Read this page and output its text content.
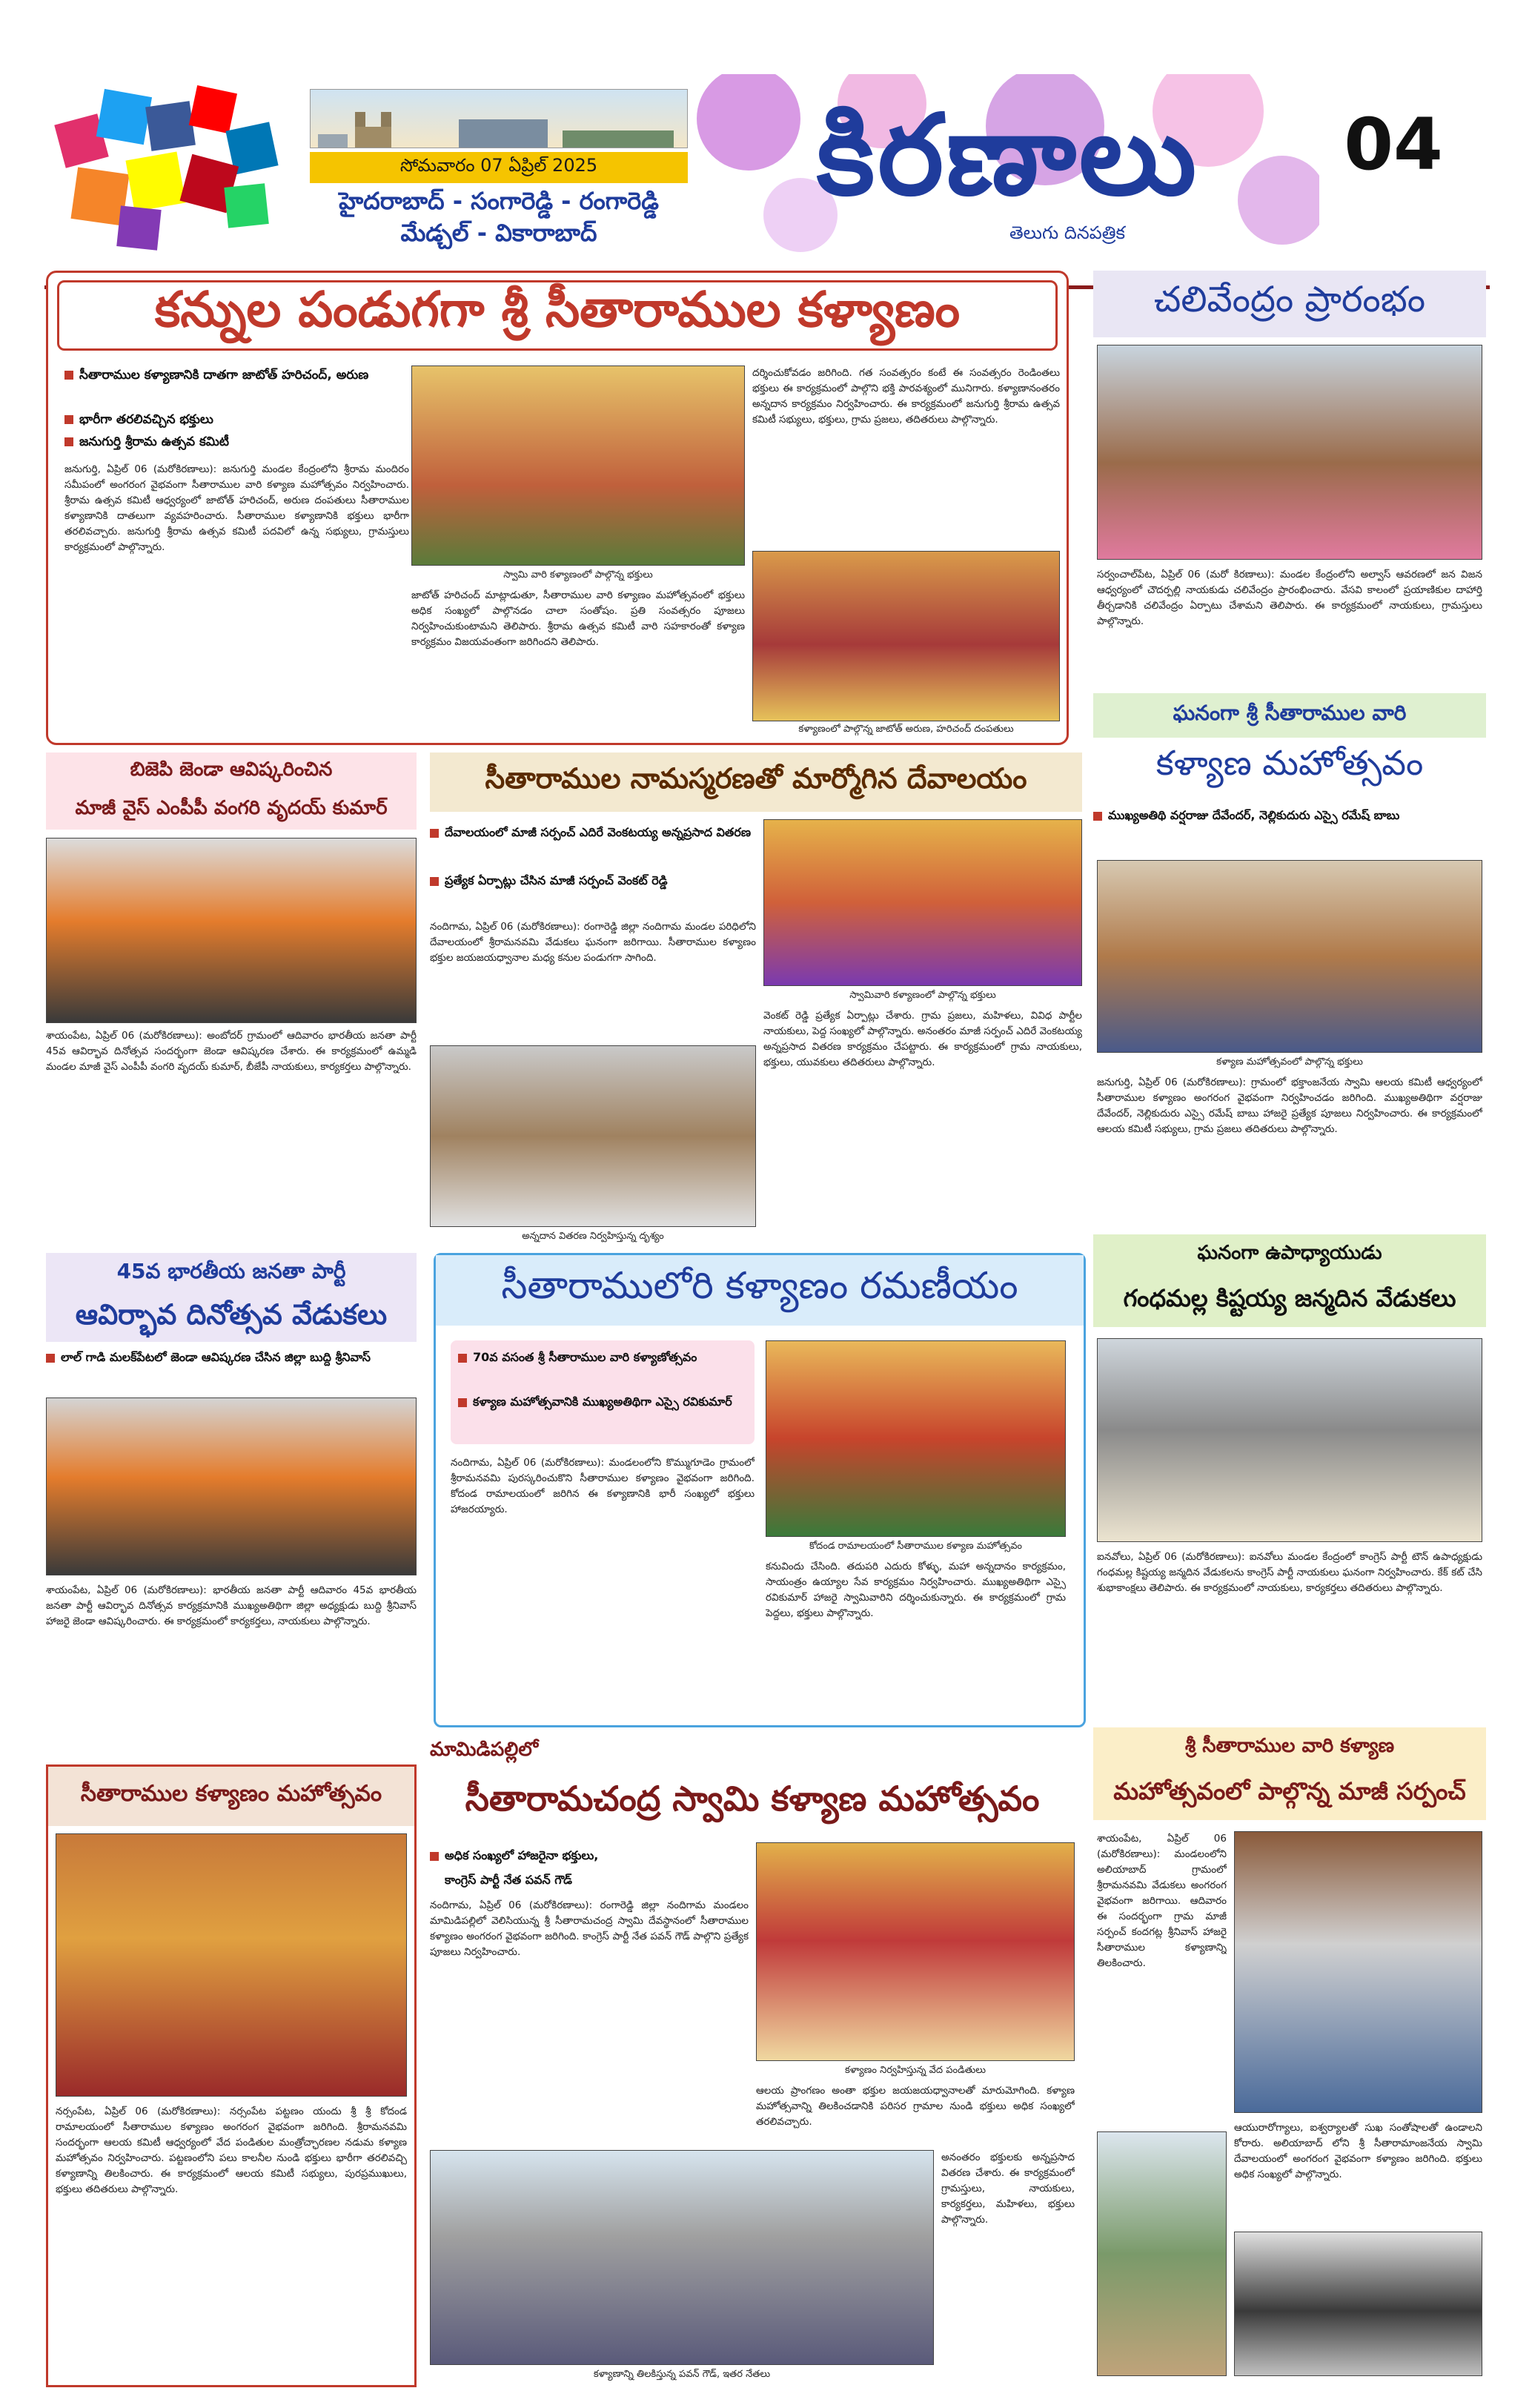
సోమవారం 07 ఏప్రిల్ 2025
హైదరాబాద్ - సంగారెడ్డి - రంగారెడ్డి
మేడ్చల్ - వికారాబాద్
కిరణాలు
తెలుగు దినపత్రిక
04
కన్నుల పండుగగా శ్రీ సీతారాముల కళ్యాణం
సీతారాముల కళ్యాణానికి దాతగా జాటోత్ హరిచంద్, అరుణ
భారీగా తరలివచ్చిన భక్తులు
జనుగుర్తి శ్రీరామ ఉత్సవ కమిటీ
జనుగుర్తి, ఏప్రిల్ 06 (మరోకిరణాలు): జనుగుర్తి మండల కేంద్రంలోని శ్రీరామ మందిరం సమీపంలో అంగరంగ వైభవంగా సీతారాముల వారి కళ్యాణ మహోత్సవం నిర్వహించారు. శ్రీరామ ఉత్సవ కమిటీ ఆధ్వర్యంలో జాటోత్ హరిచంద్, అరుణ దంపతులు సీతారాముల కళ్యాణానికి దాతలుగా వ్యవహరించారు. సీతారాముల కళ్యాణానికి భక్తులు భారీగా తరలివచ్చారు. జనుగుర్తి శ్రీరామ ఉత్సవ కమిటీ పదవిలో ఉన్న సభ్యులు, గ్రామస్తులు కార్యక్రమంలో పాల్గొన్నారు.
స్వామి వారి కళ్యాణంలో పాల్గొన్న భక్తులు
జాటోత్ హరిచంద్ మాట్లాడుతూ, సీతారాముల వారి కళ్యాణం మహోత్సవంలో భక్తులు అధిక సంఖ్యలో పాల్గొనడం చాలా సంతోషం. ప్రతి సంవత్సరం పూజలు నిర్వహించుకుంటామని తెలిపారు. శ్రీరామ ఉత్సవ కమిటీ వారి సహకారంతో కళ్యాణ కార్యక్రమం విజయవంతంగా జరిగిందని తెలిపారు.
దర్శించుకోవడం జరిగింది. గత సంవత్సరం కంటే ఈ సంవత్సరం రెండింతలు భక్తులు ఈ కార్యక్రమంలో పాల్గొని భక్తి పారవశ్యంలో మునిగారు. కళ్యాణానంతరం అన్నదాన కార్యక్రమం నిర్వహించారు. ఈ కార్యక్రమంలో జనుగుర్తి శ్రీరామ ఉత్సవ కమిటీ సభ్యులు, భక్తులు, గ్రామ ప్రజలు, తదితరులు పాల్గొన్నారు.
కళ్యాణంలో పాల్గొన్న జాటోత్ అరుణ, హరిచంద్ దంపతులు
చలివేంద్రం ప్రారంభం
సర్వంచాల్‌పేట, ఏప్రిల్ 06 (మరో కిరణాలు): మండల కేంద్రంలోని అల్వాస్ ఆవరణలో జన విజన ఆధ్వర్యంలో చౌదర్పల్లి నాయకుడు చలివేంద్రం ప్రారంభించారు. వేసవి కాలంలో ప్రయాణికుల దాహార్తి తీర్చడానికి చలివేంద్రం ఏర్పాటు చేశామని తెలిపారు. ఈ కార్యక్రమంలో నాయకులు, గ్రామస్తులు పాల్గొన్నారు.
ఘనంగా శ్రీ సీతారాముల వారి
కళ్యాణ మహోత్సవం
ముఖ్యఅతిథి వర్షరాజు దేవేందర్, నెల్లికుదురు ఎస్సై రమేష్ బాబు
కళ్యాణ మహోత్సవంలో పాల్గొన్న భక్తులు
జనుగుర్తి, ఏప్రిల్ 06 (మరోకిరణాలు): గ్రామంలో భక్తాంజనేయ స్వామి ఆలయ కమిటీ ఆధ్వర్యంలో సీతారాముల కళ్యాణం అంగరంగ వైభవంగా నిర్వహించడం జరిగింది. ముఖ్యఅతిథిగా వర్షరాజు దేవేందర్, నెల్లికుదురు ఎస్సై రమేష్ బాబు హాజరై ప్రత్యేక పూజలు నిర్వహించారు. ఈ కార్యక్రమంలో ఆలయ కమిటీ సభ్యులు, గ్రామ ప్రజలు తదితరులు పాల్గొన్నారు.
బిజెపి జెండా ఆవిష్కరించిన
మాజీ వైస్ ఎంపీపీ వంగరి వృదయ్ కుమార్
శాయంపేట, ఏప్రిల్ 06 (మరోకిరణాలు): అంబోదర్ గ్రామంలో ఆదివారం భారతీయ జనతా పార్టీ 45వ ఆవిర్భావ దినోత్సవ సందర్భంగా జెండా ఆవిష్కరణ చేశారు. ఈ కార్యక్రమంలో ఉమ్మడి మండల మాజీ వైస్ ఎంపీపీ వంగరి వృదయ్ కుమార్, బీజేపీ నాయకులు, కార్యకర్తలు పాల్గొన్నారు.
సీతారాముల నామస్మరణతో మార్మోగిన దేవాలయం
దేవాలయంలో మాజీ సర్పంచ్ ఎదిరే వెంకటయ్య అన్నప్రసాద వితరణ
ప్రత్యేక ఏర్పాట్లు చేసిన మాజీ సర్పంచ్ వెంకట్ రెడ్డి
నందిగామ, ఏప్రిల్ 06 (మరోకిరణాలు): రంగారెడ్డి జిల్లా నందిగామ మండల పరిధిలోని దేవాలయంలో శ్రీరామనవమి వేడుకలు ఘనంగా జరిగాయి. సీతారాముల కళ్యాణం భక్తుల జయజయధ్వానాల మధ్య కనుల పండుగగా సాగింది.
స్వామివారి కళ్యాణంలో పాల్గొన్న భక్తులు
అన్నదాన వితరణ నిర్వహిస్తున్న దృశ్యం
వెంకట్ రెడ్డి ప్రత్యేక ఏర్పాట్లు చేశారు. గ్రామ ప్రజలు, మహిళలు, వివిధ పార్టీల నాయకులు, పెద్ద సంఖ్యలో పాల్గొన్నారు. అనంతరం మాజీ సర్పంచ్ ఎదిరే వెంకటయ్య అన్నప్రసాద వితరణ కార్యక్రమం చేపట్టారు. ఈ కార్యక్రమంలో గ్రామ నాయకులు, భక్తులు, యువకులు తదితరులు పాల్గొన్నారు.
45వ భారతీయ జనతా పార్టీ
ఆవిర్భావ దినోత్సవ వేడుకలు
లాల్ గాడి మలక్‌పేటలో జెండా ఆవిష్కరణ చేసిన జిల్లా బుద్ది శ్రీనివాస్
శాయంపేట, ఏప్రిల్ 06 (మరోకిరణాలు): భారతీయ జనతా పార్టీ ఆదివారం 45వ భారతీయ జనతా పార్టీ ఆవిర్భావ దినోత్సవ కార్యక్రమానికి ముఖ్యఅతిథిగా జిల్లా అధ్యక్షుడు బుద్ది శ్రీనివాస్ హాజరై జెండా ఆవిష్కరించారు. ఈ కార్యక్రమంలో కార్యకర్తలు, నాయకులు పాల్గొన్నారు.
సీతారాములోరి కళ్యాణం రమణీయం
70వ వసంత శ్రీ సీతారాముల వారి కళ్యాణోత్సవం
కళ్యాణ మహోత్సవానికి ముఖ్యఅతిథిగా ఎస్సై రవికుమార్
నందిగామ, ఏప్రిల్ 06 (మరోకిరణాలు): మండలంలోని కొమ్ముగూడెం గ్రామంలో శ్రీరామనవమి పురస్కరించుకొని సీతారాముల కళ్యాణం వైభవంగా జరిగింది. కోదండ రామాలయంలో జరిగిన ఈ కళ్యాణానికి భారీ సంఖ్యలో భక్తులు హాజరయ్యారు.
కోదండ రామాలయంలో సీతారాముల కళ్యాణ మహోత్సవం
కనువిందు చేసింది. తదుపరి ఎదురు కోళ్ళు, మహా అన్నదానం కార్యక్రమం, సాయంత్రం ఉయ్యాల సేవ కార్యక్రమం నిర్వహించారు. ముఖ్యఅతిథిగా ఎస్సై రవికుమార్ హాజరై స్వామివారిని దర్శించుకున్నారు. ఈ కార్యక్రమంలో గ్రామ పెద్దలు, భక్తులు పాల్గొన్నారు.
ఘనంగా ఉపాధ్యాయుడు
గంధమల్ల కిష్టయ్య జన్మదిన వేడుకలు
ఐనవోలు, ఏప్రిల్ 06 (మరోకిరణాలు): ఐనవోలు మండల కేంద్రంలో కాంగ్రెస్ పార్టీ టౌన్ ఉపాధ్యక్షుడు గంధమల్ల కిష్టయ్య జన్మదిన వేడుకలను కాంగ్రెస్ పార్టీ నాయకులు ఘనంగా నిర్వహించారు. కేక్ కట్ చేసి శుభాకాంక్షలు తెలిపారు. ఈ కార్యక్రమంలో నాయకులు, కార్యకర్తలు తదితరులు పాల్గొన్నారు.
మామిడిపల్లిలో
సీతారామచంద్ర స్వామి కళ్యాణ మహోత్సవం
అధిక సంఖ్యలో హాజరైనా భక్తులు,
కాంగ్రెస్ పార్టీ నేత పవన్ గౌడ్
నందిగామ, ఏప్రిల్ 06 (మరోకిరణాలు): రంగారెడ్డి జిల్లా నందిగామ మండలం మామిడిపల్లిలో వెలిసియున్న శ్రీ సీతారామచంద్ర స్వామి దేవస్థానంలో సీతారాముల కళ్యాణం అంగరంగ వైభవంగా జరిగింది. కాంగ్రెస్ పార్టీ నేత పవన్ గౌడ్ పాల్గొని ప్రత్యేక పూజలు నిర్వహించారు.
కళ్యాణం నిర్వహిస్తున్న వేద పండితులు
ఆలయ ప్రాంగణం అంతా భక్తుల జయజయధ్వానాలతో మారుమోగింది. కళ్యాణ మహోత్సవాన్ని తిలకించడానికి పరిసర గ్రామాల నుండి భక్తులు అధిక సంఖ్యలో తరలివచ్చారు.
కళ్యాణాన్ని తిలకిస్తున్న పవన్ గౌడ్, ఇతర నేతలు
అనంతరం భక్తులకు అన్నప్రసాద వితరణ చేశారు. ఈ కార్యక్రమంలో గ్రామస్తులు, నాయకులు, కార్యకర్తలు, మహిళలు, భక్తులు పాల్గొన్నారు.
సీతారాముల కళ్యాణం మహోత్సవం
నర్సంపేట, ఏప్రిల్ 06 (మరోకిరణాలు): నర్సంపేట పట్టణం యందు శ్రీ శ్రీ కోదండ రామాలయంలో సీతారాముల కళ్యాణం అంగరంగ వైభవంగా జరిగింది. శ్రీరామనవమి సందర్భంగా ఆలయ కమిటీ ఆధ్వర్యంలో వేద పండితుల మంత్రోచ్ఛారణల నడుమ కళ్యాణ మహోత్సవం నిర్వహించారు. పట్టణంలోని పలు కాలనీల నుండి భక్తులు భారీగా తరలివచ్చి కళ్యాణాన్ని తిలకించారు. ఈ కార్యక్రమంలో ఆలయ కమిటీ సభ్యులు, పురప్రముఖులు, భక్తులు తదితరులు పాల్గొన్నారు.
శ్రీ సీతారాముల వారి కళ్యాణ
మహోత్సవంలో పాల్గొన్న మాజీ సర్పంచ్
శాయంపేట, ఏప్రిల్ 06 (మరోకిరణాలు): మండలంలోని అలియాబాద్ గ్రామంలో శ్రీరామనవమి వేడుకలు అంగరంగ వైభవంగా జరిగాయి. ఆదివారం ఈ సందర్భంగా గ్రామ మాజీ సర్పంచ్ కందగట్ల శ్రీనివాస్ హాజరై సీతారాముల కళ్యాణాన్ని తిలకించారు.
ఆయురారోగ్యాలు, ఐశ్వర్యాలతో సుఖ సంతోషాలతో ఉండాలని కోరారు. అలియాబాద్ లోని శ్రీ సీతారామాంజనేయ స్వామి దేవాలయంలో అంగరంగ వైభవంగా కళ్యాణం జరిగింది. భక్తులు అధిక సంఖ్యలో పాల్గొన్నారు.
